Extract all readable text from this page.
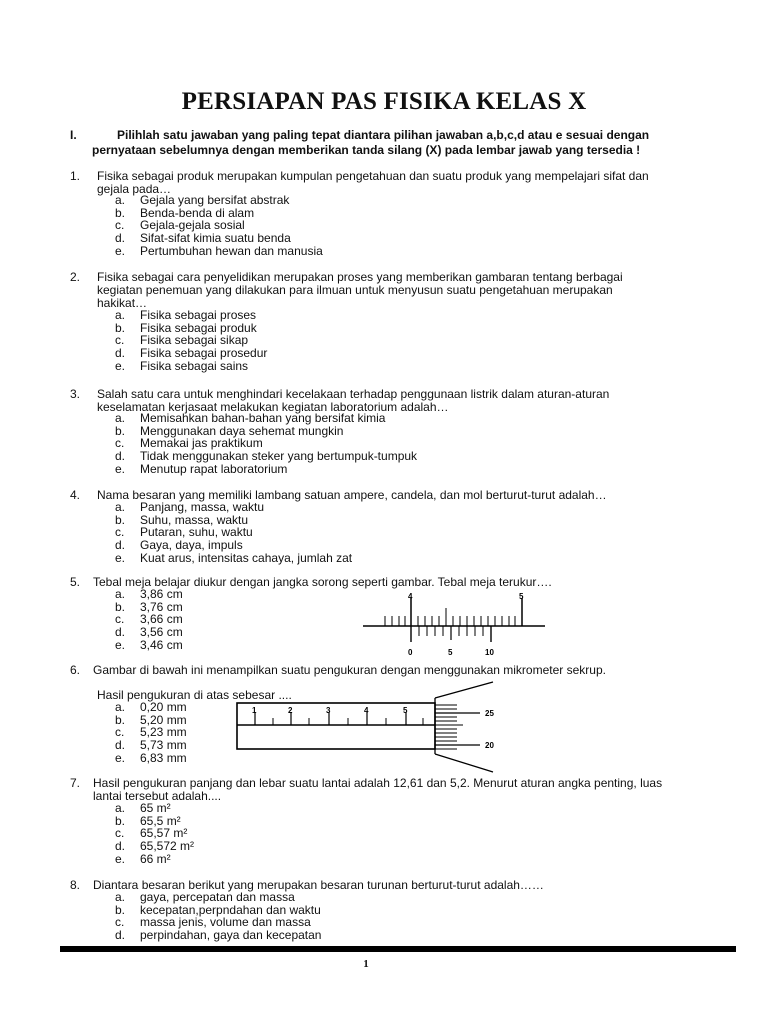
PERSIAPAN PAS FISIKA KELAS X
I.	Pilihlah satu jawaban yang paling tepat diantara pilihan jawaban a,b,c,d atau e sesuai dengan
pernyataan sebelumnya dengan memberikan tanda silang (X) pada lembar jawab yang tersedia !
1. Fisika sebagai produk merupakan kumpulan pengetahuan dan suatu produk yang mempelajari sifat dan
gejala pada…
a. Gejala yang bersifat abstrak
b. Benda-benda di alam
c. Gejala-gejala sosial
d. Sifat-sifat kimia suatu benda
e. Pertumbuhan hewan dan manusia
2. Fisika sebagai cara penyelidikan merupakan proses yang memberikan gambaran tentang berbagai
kegiatan penemuan yang dilakukan para ilmuan untuk menyusun suatu pengetahuan merupakan
hakikat…
a. Fisika sebagai proses
b. Fisika sebagai produk
c. Fisika sebagai sikap
d. Fisika sebagai prosedur
e. Fisika sebagai sains
3. Salah satu cara untuk menghindari kecelakaan terhadap penggunaan listrik dalam aturan-aturan
keselamatan kerjasaat melakukan kegiatan laboratorium adalah…
a. Memisahkan bahan-bahan yang bersifat kimia
b. Menggunakan daya sehemat mungkin
c. Memakai jas praktikum
d. Tidak menggunakan steker yang bertumpuk-tumpuk
e. Menutup rapat laboratorium
4. Nama besaran yang memiliki lambang satuan ampere, candela, dan mol berturut-turut adalah…
a. Panjang, massa, waktu
b. Suhu, massa, waktu
c. Putaran, suhu, waktu
d. Gaya, daya, impuls
e. Kuat arus, intensitas cahaya, jumlah zat
5. Tebal meja belajar diukur dengan jangka sorong seperti gambar. Tebal meja terukur….
a. 3,86 cm
b. 3,76 cm
c. 3,66 cm
d. 3,56 cm
e. 3,46 cm
4	5
0	5	10
6. Gambar di bawah ini menampilkan suatu pengukuran dengan menggunakan mikrometer sekrup.
Hasil pengukuran di atas sebesar ....
a. 0,20 mm
b. 5,20 mm
c. 5,23 mm
d. 5,73 mm
e. 6,83 mm
1	2	3	4	5	25
20
7. Hasil pengukuran panjang dan lebar suatu lantai adalah 12,61 dan 5,2. Menurut aturan angka penting, luas
lantai tersebut adalah....
a. 65 m²
b. 65,5 m²
c. 65,57 m²
d. 65,572 m²
e. 66 m²
8. Diantara besaran berikut yang merupakan besaran turunan berturut-turut adalah……
a. gaya, percepatan dan massa
b. kecepatan,perpndahan dan waktu
c. massa jenis, volume dan massa
d. perpindahan, gaya dan kecepatan
1
